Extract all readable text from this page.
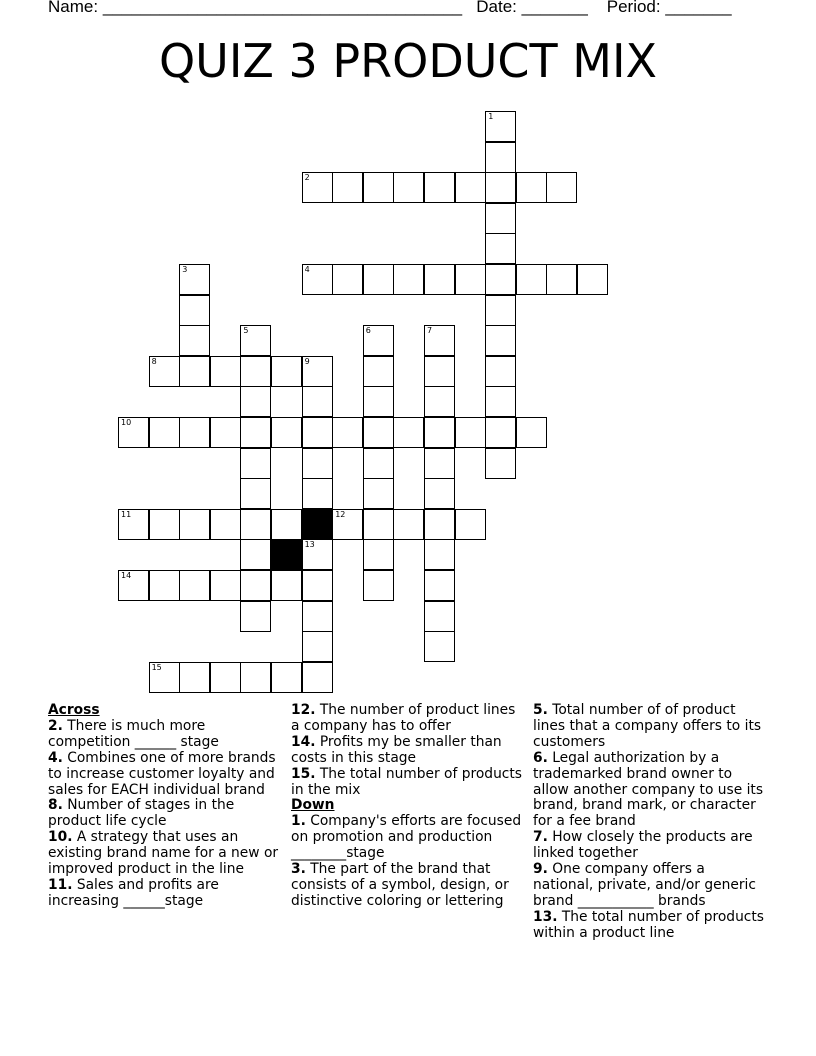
Name: ______________________________________ Date: _______ Period: _______
QUIZ 3 PRODUCT MIX
1
2
3	4
5	6	7
8	9
13
10
11	12
14
15

Across

2. There is much more competition ______ stage

4. Combines one of more brands to increase customer loyalty and sales for EACH individual brand

8. Number of stages in the product life cycle

10. A strategy that uses an existing brand name for a new or improved product in the line

11. Sales and profits are increasing ______stage

12. The number of product lines a company has to offer

14. Profits my be smaller than costs in this stage

15. The total number of products in the mix

Down

1. Company's efforts are focused on promotion and production ________stage

3. The part of the brand that consists of a symbol, design, or distinctive coloring or lettering

5. Total number of of product lines that a company offers to its customers

6. Legal authorization by a trademarked brand owner to allow another company to use its brand, brand mark, or character for a fee brand

7. How closely the products are linked together

9. One company offers a national, private, and/or generic brand ___________ brands

13. The total number of products within a product line
